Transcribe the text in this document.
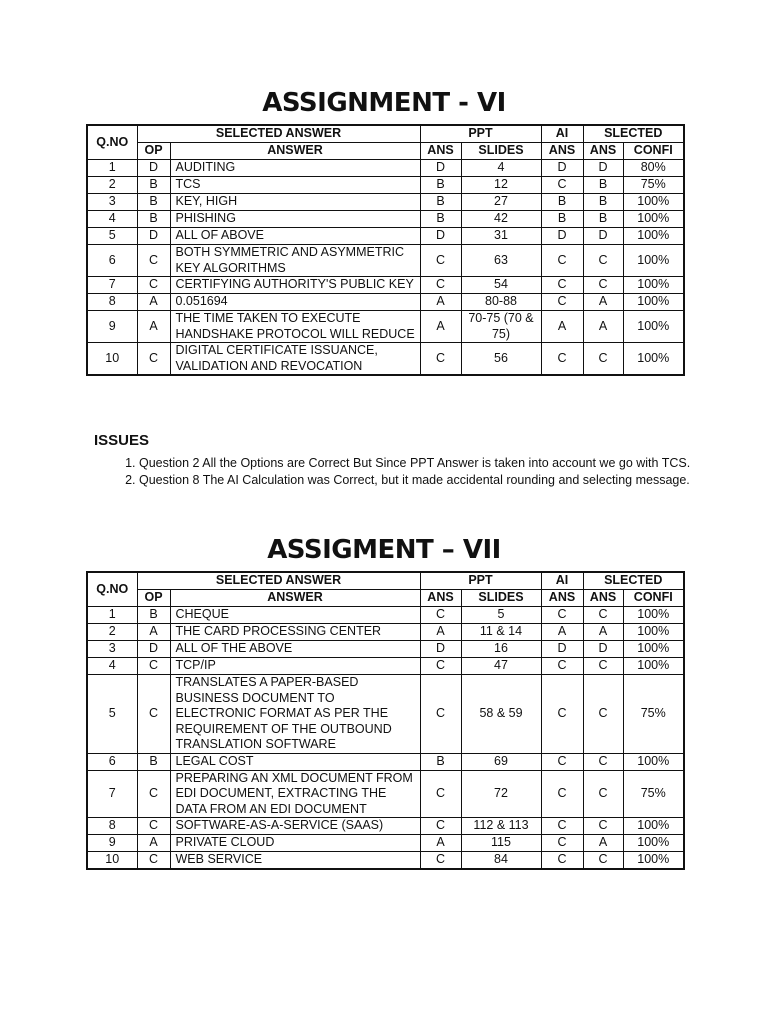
ASSIGNMENT - VI
Q.NO	SELECTED ANSWER		PPT		AI	SLECTED	
	OP	ANSWER	ANS	SLIDES	ANS	ANS	CONFI
1	D	AUDITING	D	4	D	D	80%
2	B	TCS	B	12	C	B	75%
3	B	KEY, HIGH	B	27	B	B	100%
4	B	PHISHING	B	42	B	B	100%
5	D	ALL OF ABOVE	D	31	D	D	100%
6	C	BOTH SYMMETRIC AND ASYMMETRIC KEY ALGORITHMS	C	63	C	C	100%
7	C	CERTIFYING AUTHORITY'S PUBLIC KEY	C	54	C	C	100%
8	A	0.051694	A	80-88	C	A	100%
9	A	THE TIME TAKEN TO EXECUTE HANDSHAKE PROTOCOL WILL REDUCE	A	70-75 (70 & 75)	A	A	100%
10	C	DIGITAL CERTIFICATE ISSUANCE, VALIDATION AND REVOCATION	C	56	C	C	100%
ISSUES
1. Question 2 All the Options are Correct But Since PPT Answer is taken into account we go with TCS.
2. Question 8 The AI Calculation was Correct, but it made accidental rounding and selecting message.
ASSIGMENT – VII
Q.NO	SELECTED ANSWER		PPT		AI	SLECTED	
	OP	ANSWER	ANS	SLIDES	ANS	ANS	CONFI
1	B	CHEQUE	C	5	C	C	100%
2	A	THE CARD PROCESSING CENTER	A	11 & 14	A	A	100%
3	D	ALL OF THE ABOVE	D	16	D	D	100%
4	C	TCP/IP	C	47	C	C	100%
5	C	TRANSLATES A PAPER-BASED BUSINESS DOCUMENT TO ELECTRONIC FORMAT AS PER THE REQUIREMENT OF THE OUTBOUND TRANSLATION SOFTWARE	C	58 & 59	C	C	75%
6	B	LEGAL COST	B	69	C	C	100%
7	C	PREPARING AN XML DOCUMENT FROM EDI DOCUMENT, EXTRACTING THE DATA FROM AN EDI DOCUMENT	C	72	C	C	75%
8	C	SOFTWARE-AS-A-SERVICE (SAAS)	C	112 & 113	C	C	100%
9	A	PRIVATE CLOUD	A	115	C	A	100%
10	C	WEB SERVICE	C	84	C	C	100%
